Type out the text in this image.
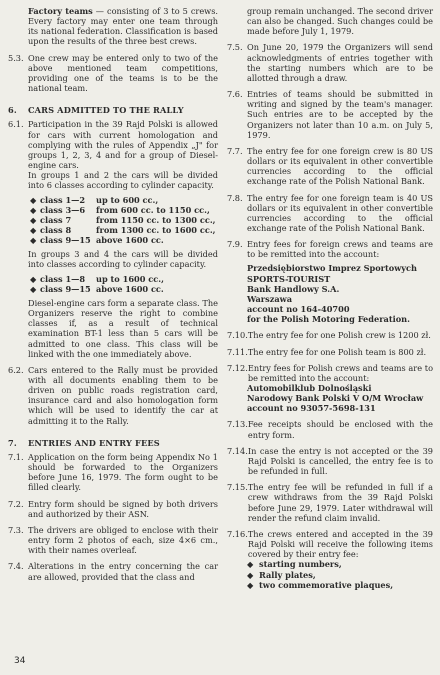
Factory teams — consisting of 3 to 5 crews. Every factory may enter one team through its national federation. Classification is based upon the results of the three best crews.
5.3. One crew may be entered only to two of the above mentioned team competitions, providing one of the teams is to be the national team.
6.	CARS ADMITTED TO THE RALLY
6.1. Participation in the 39 Rajd Polski is allowed for cars with current homologation and complying with the rules of Appendix „J" for groups 1, 2, 3, 4 and for a group of Diesel-engine cars.
In groups 1 and 2 the cars will be divided into 6 classes according to cylinder capacity.
◆ class 1—2	up to 600 cc.,
◆ class 3—6	from 600 cc. to 1150 cc.,
◆ class 7	from 1150 cc. to 1300 cc.,
◆ class 8	from 1300 cc. to 1600 cc.,
◆ class 9—15 above 1600 cc.
In groups 3 and 4 the cars will be divided into classes according to cylinder capacity.
◆ class 1—8	up to 1600 cc.,
◆ class 9—15 above 1600 cc.
Diesel-engine cars form a separate class. The Organizers reserve the right to combine classes if, as a result of technical examination BT-1 less than 5 cars will be admitted to one class. This class will be linked with the one immediately above.
6.2. Cars entered to the Rally must be provided with all documents enabling them to be driven on public roads registration card, insurance card and also homologation form which will be used to identify the car at admitting it to the Rally.
7.	ENTRIES AND ENTRY FEES
7.1. Application on the form being Appendix No 1 should be forwarded to the Organizers before June 16, 1979. The form ought to be filled clearly.
7.2. Entry form should be signed by both drivers and authorized by their ASN.
7.3. The drivers are obliged to enclose with their entry form 2 photos of each, size 4×6 cm., with their names overleaf.
7.4. Alterations in the entry concerning the car are allowed, provided that the class and
group remain unchanged. The second driver can also be changed. Such changes could be made before July 1, 1979.
7.5. On June 20, 1979 the Organizers will send acknowledgments of entries together with the starting numbers which are to be allotted through a draw.
7.6. Entries of teams should be submitted in writing and signed by the team's manager. Such entries are to be accepted by the Organizers not later than 10 a.m. on July 5, 1979.
7.7. The entry fee for one foreign crew is 80 US dollars or its equivalent in other convertible currencies according to the official exchange rate of the Polish National Bank.
7.8. The entry fee for one foreign team is 40 US dollars or its equivalent in other convertible currencies according to the official exchange rate of the Polish National Bank.
7.9. Entry fees for foreign crews and teams are to be remitted into the account:
Przedsiębiorstwo Imprez Sportowych
SPORTS-TOURIST
Bank Handlowy S.A.
Warszawa
account no 164-40700
for the Polish Motoring Federation.
7.10. The entry fee for one Polish crew is 1200 zł.
7.11. The entry fee for one Polish team is 800 zł.
7.12. Entry fees for Polish crews and teams are to be remitted into the account:
Automobilklub Dolnośląski
Narodowy Bank Polski V O/M Wrocław
account no 93057-5698-131
7.13. Fee receipts should be enclosed with the entry form.
7.14. In case the entry is not accepted or the 39 Rajd Polski is cancelled, the entry fee is to be refunded in full.
7.15. The entry fee will be refunded in full if a crew withdraws from the 39 Rajd Polski before June 29, 1979. Later withdrawal will render the refund claim invalid.
7.16. The crews entered and accepted in the 39 Rajd Polski will receive the following items covered by their entry fee:
◆ starting numbers,
◆ Rally plates,
◆ two commemorative plaques,
34
